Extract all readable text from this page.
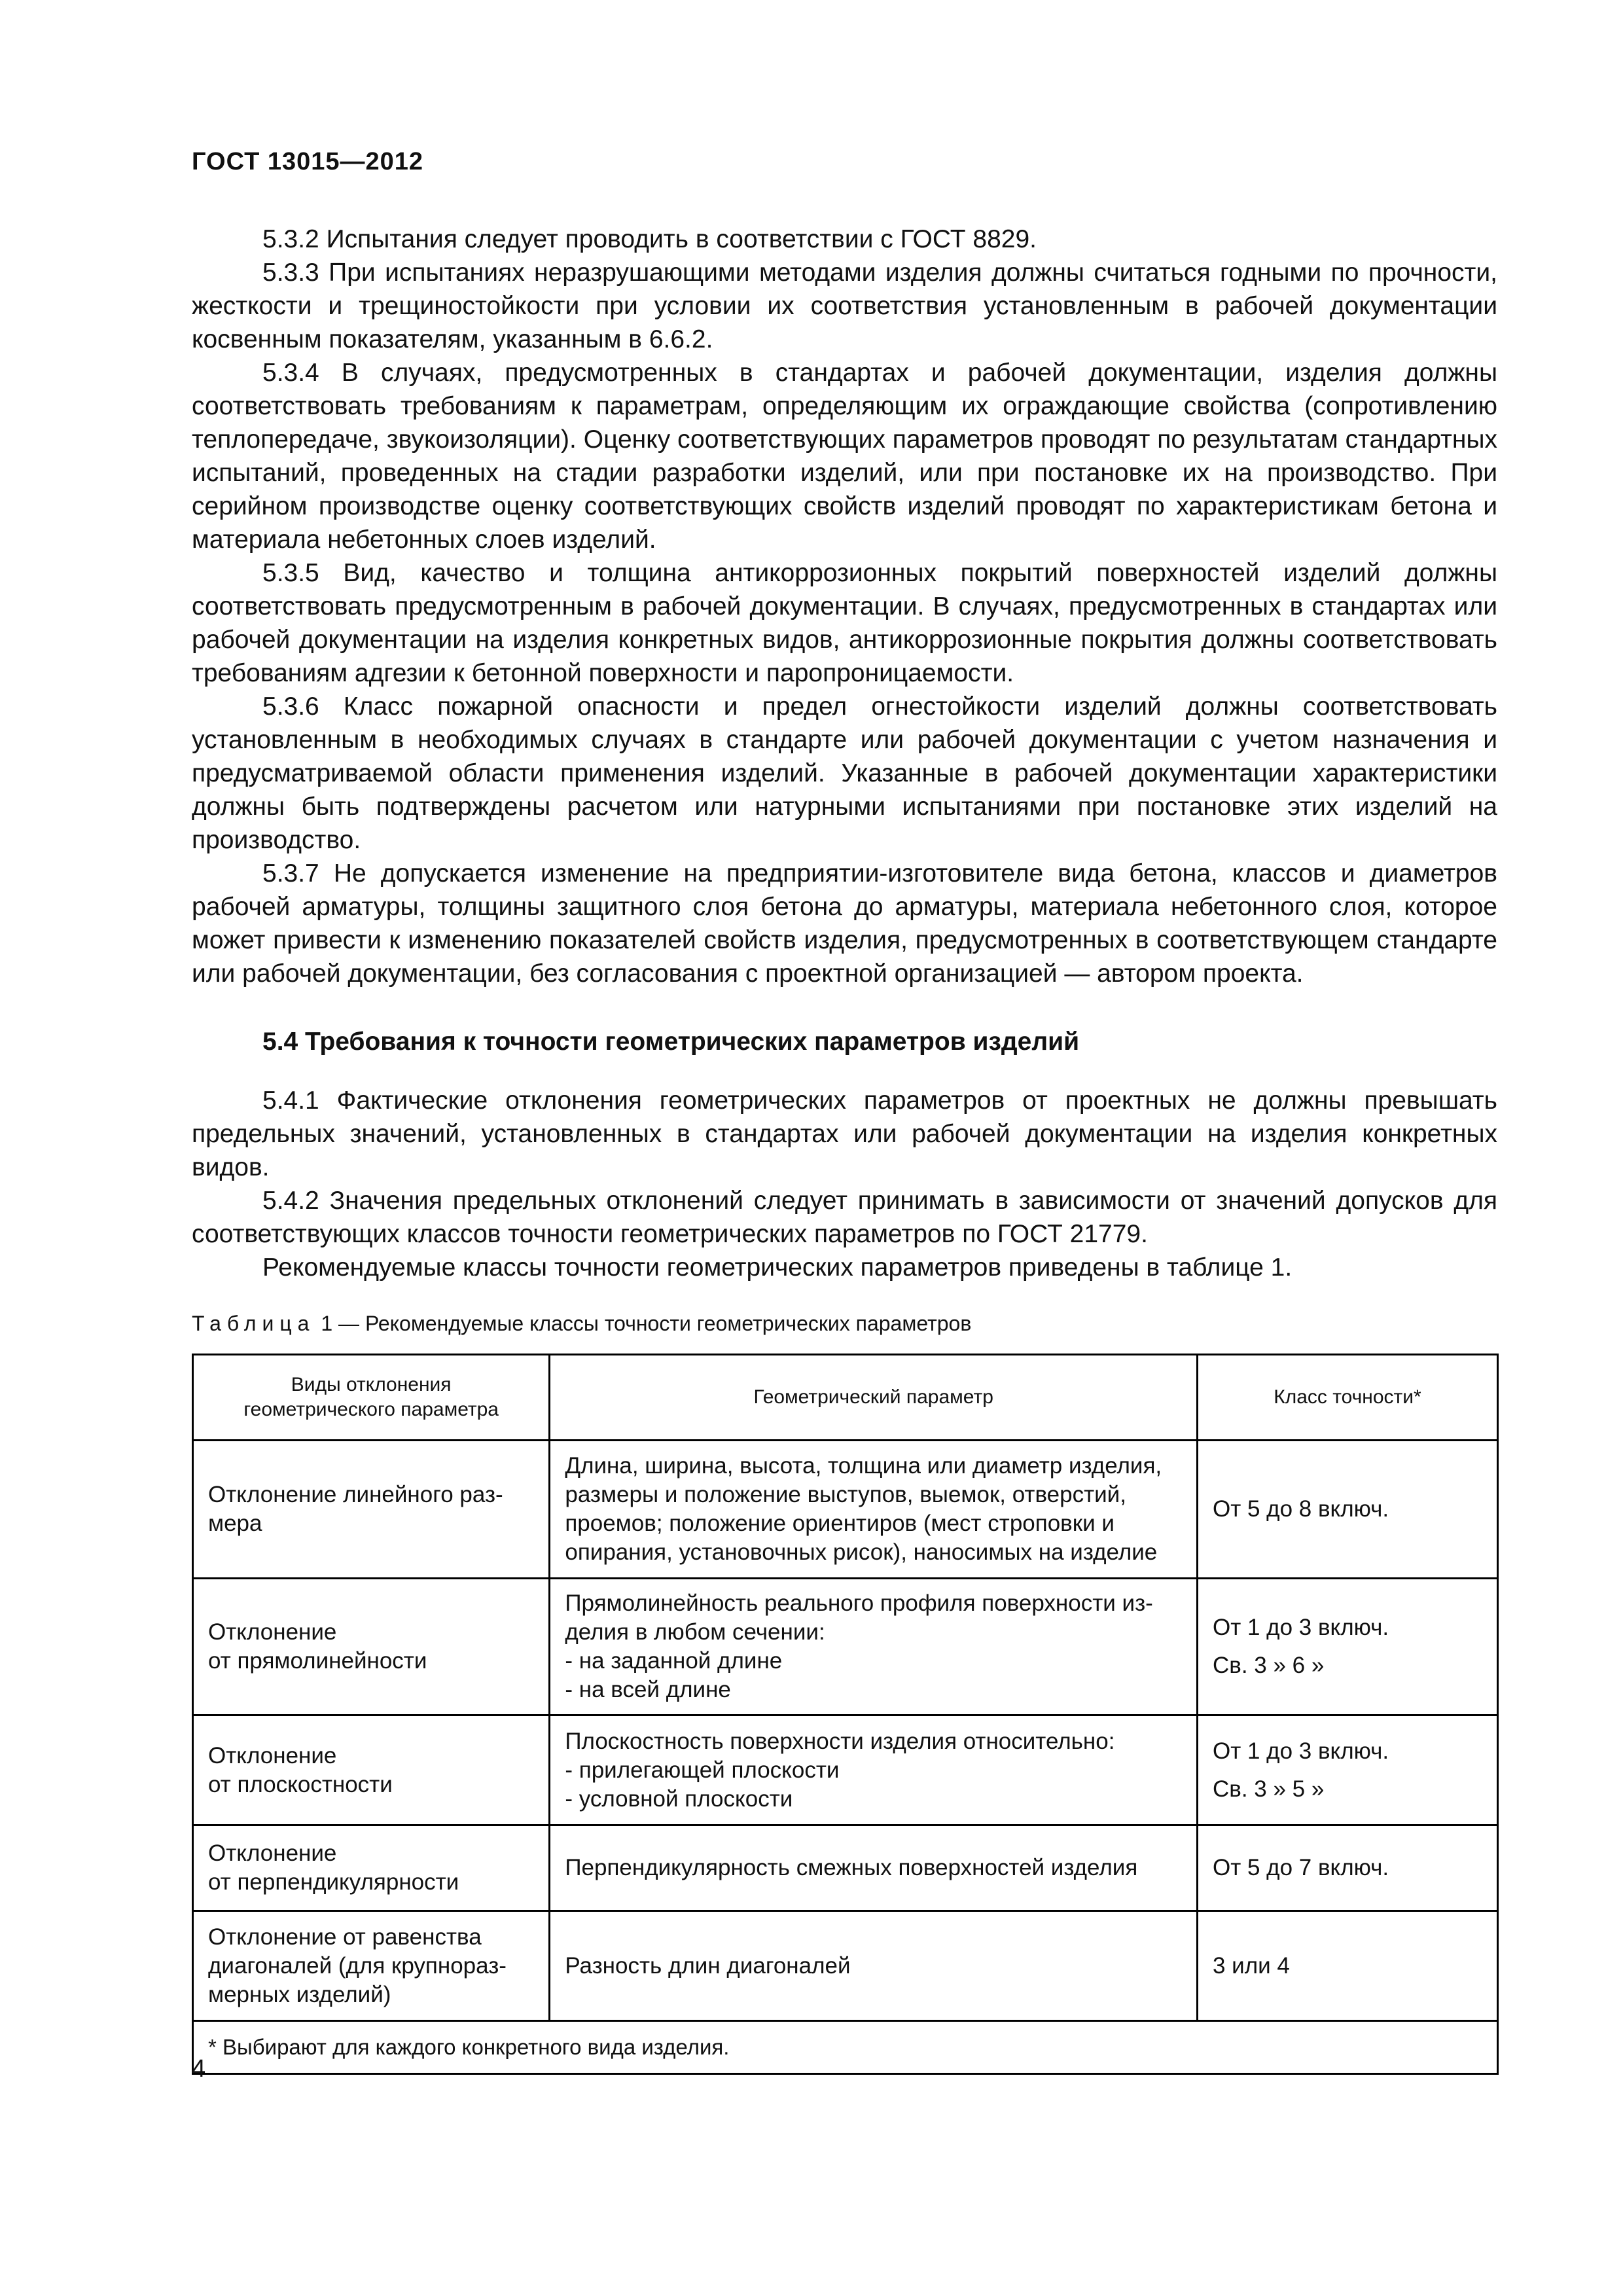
ГОСТ 13015—2012

5.3.2 Испытания следует проводить в соответствии с ГОСТ 8829.

5.3.3 При испытаниях неразрушающими методами изделия должны считаться годными по прочности, жесткости и трещиностойкости при условии их соответствия установленным в рабочей документации косвенным показателям, указанным в 6.6.2.

5.3.4 В случаях, предусмотренных в стандартах и рабочей документации, изделия должны соответствовать требованиям к параметрам, определяющим их ограждающие свойства (сопротивлению теплопередаче, звукоизоляции). Оценку соответствующих параметров проводят по результатам стандартных испытаний, проведенных на стадии разработки изделий, или при постановке их на производство. При серийном производстве оценку соответствующих свойств изделий проводят по характеристикам бетона и материала небетонных слоев изделий.

5.3.5 Вид, качество и толщина антикоррозионных покрытий поверхностей изделий должны соответствовать предусмотренным в рабочей документации. В случаях, предусмотренных в стандартах или рабочей документации на изделия конкретных видов, антикоррозионные покрытия должны соответствовать требованиям адгезии к бетонной поверхности и паропроницаемости.

5.3.6 Класс пожарной опасности и предел огнестойкости изделий должны соответствовать установленным в необходимых случаях в стандарте или рабочей документации с учетом назначения и предусматриваемой области применения изделий. Указанные в рабочей документации характеристики должны быть подтверждены расчетом или натурными испытаниями при постановке этих изделий на производство.

5.3.7 Не допускается изменение на предприятии-изготовителе вида бетона, классов и диаметров рабочей арматуры, толщины защитного слоя бетона до арматуры, материала небетонного слоя, которое может привести к изменению показателей свойств изделия, предусмотренных в соответствующем стандарте или рабочей документации, без согласования с проектной организацией — автором проекта.

5.4 Требования к точности геометрических параметров изделий

5.4.1 Фактические отклонения геометрических параметров от проектных не должны превышать предельных значений, установленных в стандартах или рабочей документации на изделия конкретных видов.

5.4.2 Значения предельных отклонений следует принимать в зависимости от значений допусков для соответствующих классов точности геометрических параметров по ГОСТ 21779.

Рекомендуемые классы точности геометрических параметров приведены в таблице 1.

Таблица 1 — Рекомендуемые классы точности геометрических параметров
Виды отклонения
геометрического параметра	Геометрический параметр	Класс точности*

Отклонение линейного раз-
мера	Длина, ширина, высота, толщина или диаметр изделия,
размеры и положение выступов, выемок, отверстий,
проемов; положение ориентиров (мест строповки и
опирания, установочных рисок), наносимых на изделие	От 5 до 8 включ.

Отклонение
от прямолинейности	Прямолинейность реального профиля поверхности из-
делия в любом сечении:
- на заданной длине
- на всей длине	От 1 до 3 включ.
Св. 3 » 6 »

Отклонение
от плоскостности	Плоскостность поверхности изделия относительно:
- прилегающей плоскости
- условной плоскости	От 1 до 3 включ.
Св. 3 » 5 »

Отклонение
от перпендикулярности	Перпендикулярность смежных поверхностей изделия	От 5 до 7 включ.

Отклонение от равенства
диагоналей (для крупнораз-
мерных изделий)	Разность длин диагоналей	3 или 4

* Выбирают для каждого конкретного вида изделия.		
4
